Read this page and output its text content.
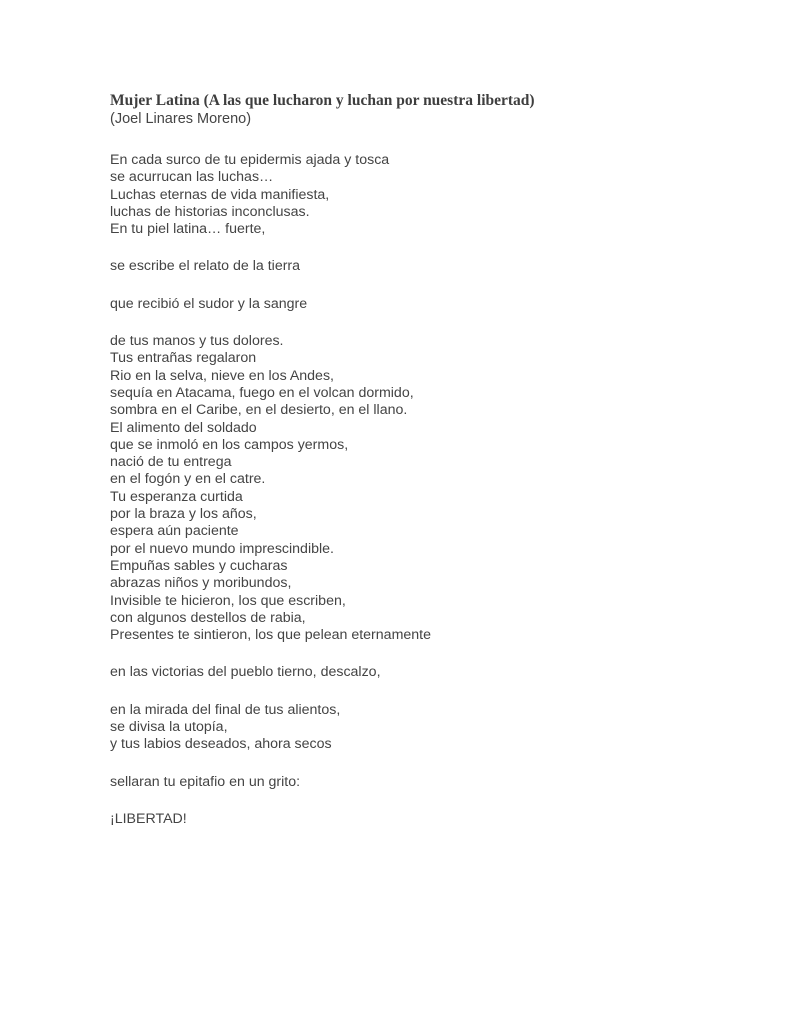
Mujer Latina (A las que lucharon y luchan por nuestra libertad)
(Joel Linares Moreno)
En cada surco de tu epidermis ajada y tosca
se acurrucan las luchas…
Luchas eternas de vida manifiesta,
luchas de historias inconclusas.
En tu piel latina… fuerte,
se escribe el relato de la tierra
que recibió el sudor y la sangre
de tus manos y tus dolores.
Tus entrañas regalaron
Rio en la selva, nieve en los Andes,
sequía en Atacama, fuego en el volcan dormido,
sombra en el Caribe, en el desierto, en el llano.
El alimento del soldado
que se inmoló en los campos yermos,
nació de tu entrega
en el fogón y en el catre.
Tu esperanza curtida
por la braza y los años,
espera aún paciente
por el nuevo mundo imprescindible.
Empuñas sables y cucharas
abrazas niños y moribundos,
Invisible te hicieron, los que escriben,
con algunos destellos de rabia,
Presentes te sintieron, los que pelean eternamente
en las victorias del pueblo tierno, descalzo,
en la mirada del final de tus alientos,
se divisa la utopía,
y tus labios deseados, ahora secos
sellaran tu epitafio en un grito:
¡LIBERTAD!
